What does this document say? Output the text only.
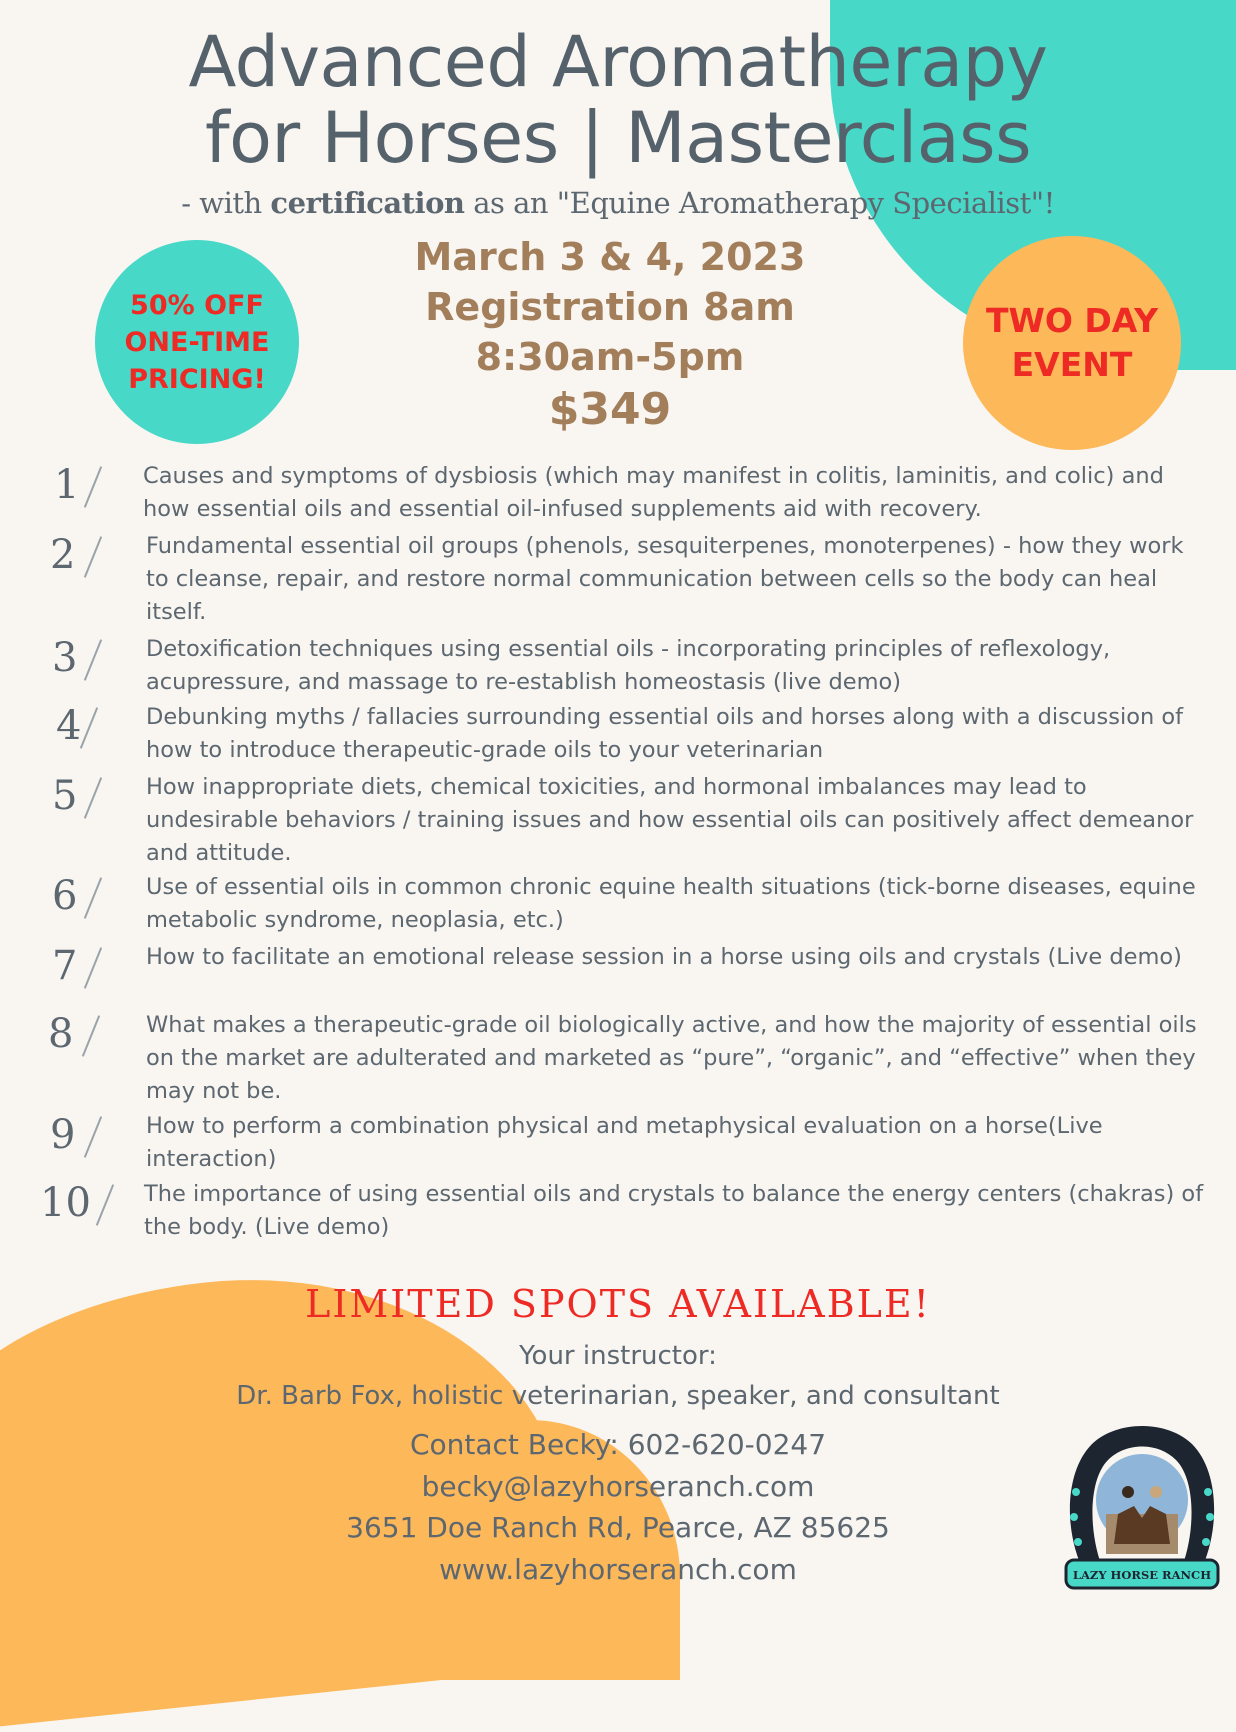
Advanced Aromatherapy
for Horses | Masterclass
- with certification as an "Equine Aromatherapy Specialist"!
March 3 & 4, 2023
Registration 8am
8:30am-5pm
$349
50% OFF
ONE-TIME
PRICING!
TWO DAY
EVENT
1	Causes and symptoms of dysbiosis (which may manifest in colitis, laminitis, and colic) and how essential oils and essential oil-infused supplements aid with recovery.
2	Fundamental essential oil groups (phenols, sesquiterpenes, monoterpenes) - how they work to cleanse, repair, and restore normal communication between cells so the body can heal itself.
3	Detoxification techniques using essential oils - incorporating principles of reflexology, acupressure, and massage to re-establish homeostasis (live demo)
4	Debunking myths / fallacies surrounding essential oils and horses along with a discussion of how to introduce therapeutic-grade oils to your veterinarian
5	How inappropriate diets, chemical toxicities, and hormonal imbalances may lead to undesirable behaviors / training issues and how essential oils can positively affect demeanor and attitude.
6	Use of essential oils in common chronic equine health situations (tick-borne diseases, equine metabolic syndrome, neoplasia, etc.)
7	How to facilitate an emotional release session in a horse using oils and crystals (Live demo)
8	What makes a therapeutic-grade oil biologically active, and how the majority of essential oils on the market are adulterated and marketed as “pure”, “organic”, and “effective” when they may not be.
9	How to perform a combination physical and metaphysical evaluation on a horse(Live interaction)
10 The importance of using essential oils and crystals to balance the energy centers (chakras) of the body. (Live demo)
LIMITED SPOTS AVAILABLE!
Your instructor:
Dr. Barb Fox, holistic veterinarian, speaker, and consultant
Contact Becky: 602-620-0247
becky@lazyhorseranch.com
3651 Doe Ranch Rd, Pearce, AZ 85625
www.lazyhorseranch.com	LAZY HORSE RANCH
